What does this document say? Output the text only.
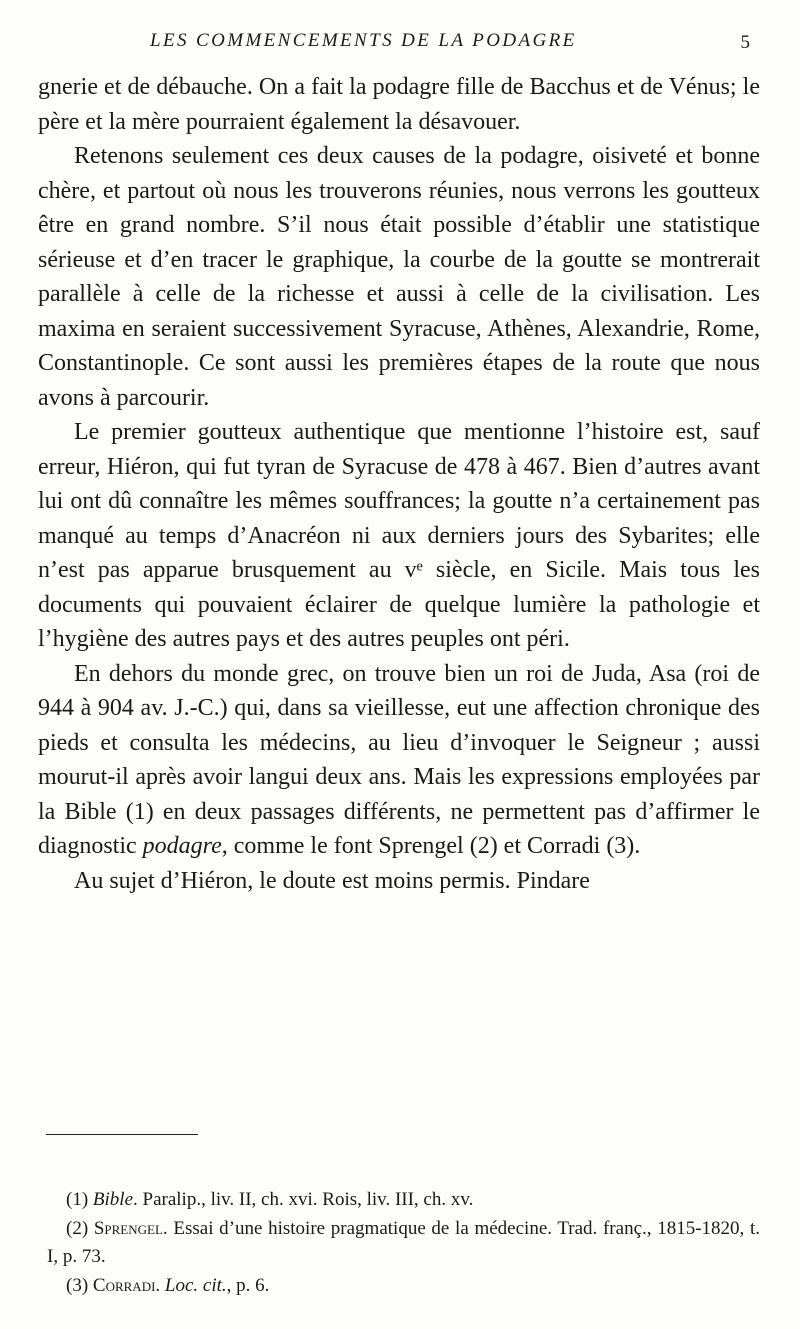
LES COMMENCEMENTS DE LA PODAGRE	5

gnerie et de débauche. On a fait la podagre fille de Bacchus et de Vénus; le père et la mère pourraient également la désavouer.

Retenons seulement ces deux causes de la podagre, oisiveté et bonne chère, et partout où nous les trouverons réunies, nous verrons les goutteux être en grand nombre. S’il nous était possible d’établir une statistique sérieuse et d’en tracer le graphique, la courbe de la goutte se montrerait parallèle à celle de la richesse et aussi à celle de la civilisation. Les maxima en seraient successivement Syracuse, Athènes, Alexandrie, Rome, Constantinople. Ce sont aussi les premières étapes de la route que nous avons à parcourir.

Le premier goutteux authentique que mentionne l’histoire est, sauf erreur, Hiéron, qui fut tyran de Syracuse de 478 à 467. Bien d’autres avant lui ont dû connaître les mêmes souffrances; la goutte n’a certainement pas manqué au temps d’Anacréon ni aux derniers jours des Sybarites; elle n’est pas apparue brusquement au vᵉ siècle, en Sicile. Mais tous les documents qui pouvaient éclairer de quelque lumière la pathologie et l’hygiène des autres pays et des autres peuples ont péri.

En dehors du monde grec, on trouve bien un roi de Juda, Asa (roi de 944 à 904 av. J.-C.) qui, dans sa vieillesse, eut une affection chronique des pieds et consulta les médecins, au lieu d’invoquer le Seigneur ; aussi mourut-il après avoir langui deux ans. Mais les expressions employées par la Bible (1) en deux passages différents, ne permettent pas d’affirmer le diagnostic podagre, comme le font Sprengel (2) et Corradi (3).

Au sujet d’Hiéron, le doute est moins permis. Pindare

(1) Bible. Paralip., liv. II, ch. xvi. Rois, liv. III, ch. xv.

(2) Sprengel. Essai d’une histoire pragmatique de la médecine. Trad. franç., 1815-1820, t. I, p. 73.

(3) Corradi. Loc. cit., p. 6.
